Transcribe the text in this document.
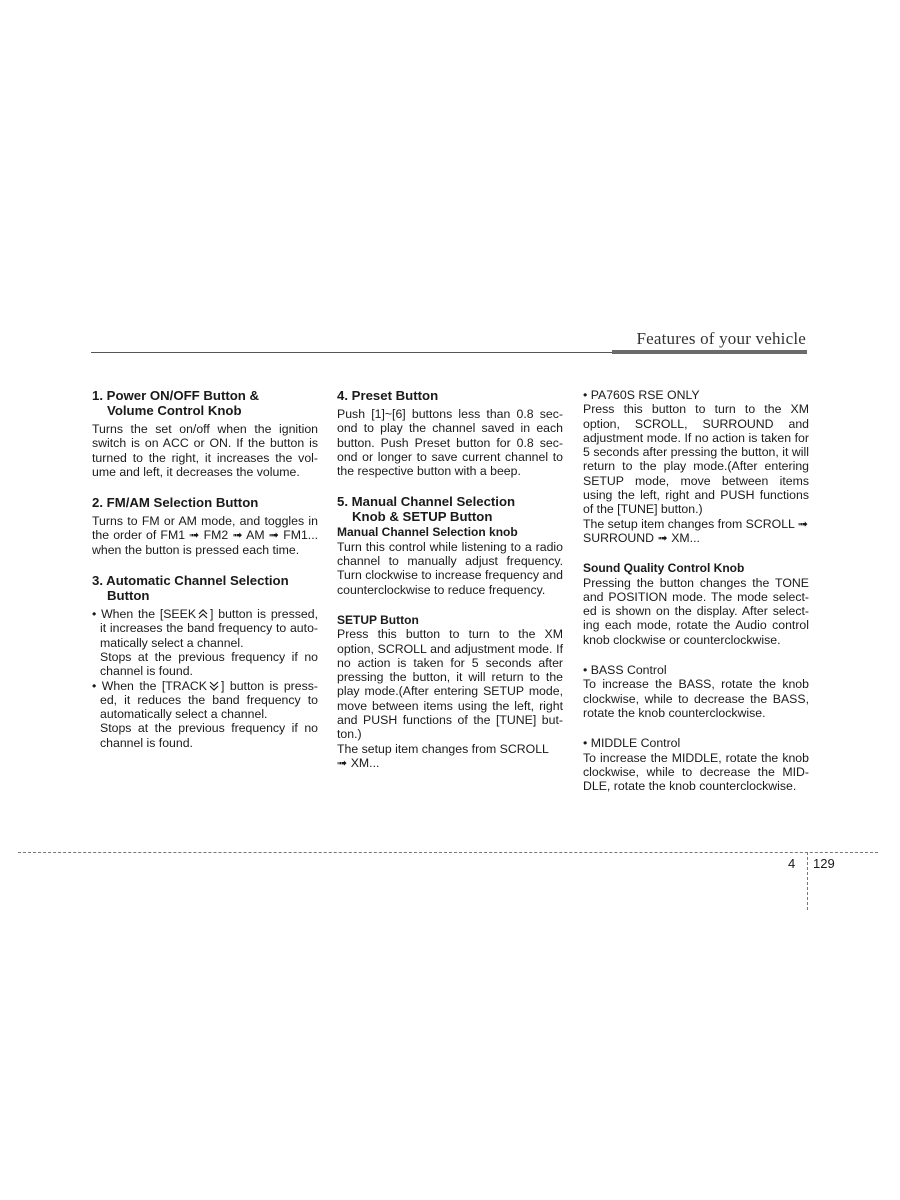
Features of your vehicle
1. Power ON/OFF Button &
Volume Control Knob

Turns the set on/off when the ignition switch is on ACC or ON. If the button is turned to the right, it increases the vol-ume and left, it decreases the volume.

2. FM/AM Selection Button

Turns to FM or AM mode, and toggles in the order of FM1 ➟ FM2 ➟ AM ➟ FM1... when the button is pressed each time.

3. Automatic Channel Selection
Button

• When the [SEEK ] button is pressed, it increases the band frequency to auto-matically select a channel.

Stops at the previous frequency if no channel is found.

• When the [TRACK ] button is press-ed, it reduces the band frequency to automatically select a channel.

Stops at the previous frequency if no channel is found.

4. Preset Button

Push [1]~[6] buttons less than 0.8 sec-ond to play the channel saved in each button. Push Preset button for 0.8 sec-ond or longer to save current channel to the respective button with a beep.

5. Manual Channel Selection
Knob & SETUP Button

Manual Channel Selection knob

Turn this control while listening to a radio channel to manually adjust frequency. Turn clockwise to increase frequency and counterclockwise to reduce frequency.

SETUP Button

Press this button to turn to the XM option, SCROLL and adjustment mode. If no action is taken for 5 seconds after pressing the button, it will return to the play mode.(After entering SETUP mode, move between items using the left, right and PUSH functions of the [TUNE] but-ton.)

The setup item changes from SCROLL
➟ XM...

• PA760S RSE ONLY

Press this button to turn to the XM option, SCROLL, SURROUND and adjustment mode. If no action is taken for 5 seconds after pressing the button, it will return to the play mode.(After entering SETUP mode, move between items using the left, right and PUSH functions of the [TUNE] button.)

The setup item changes from SCROLL ➟
SURROUND ➟ XM...

Sound Quality Control Knob

Pressing the button changes the TONE and POSITION mode. The mode select-ed is shown on the display. After select-ing each mode, rotate the Audio control knob clockwise or counterclockwise.

• BASS Control

To increase the BASS, rotate the knob clockwise, while to decrease the BASS, rotate the knob counterclockwise.

• MIDDLE Control

To increase the MIDDLE, rotate the knob clockwise, while to decrease the MID-DLE, rotate the knob counterclockwise.

4 129
